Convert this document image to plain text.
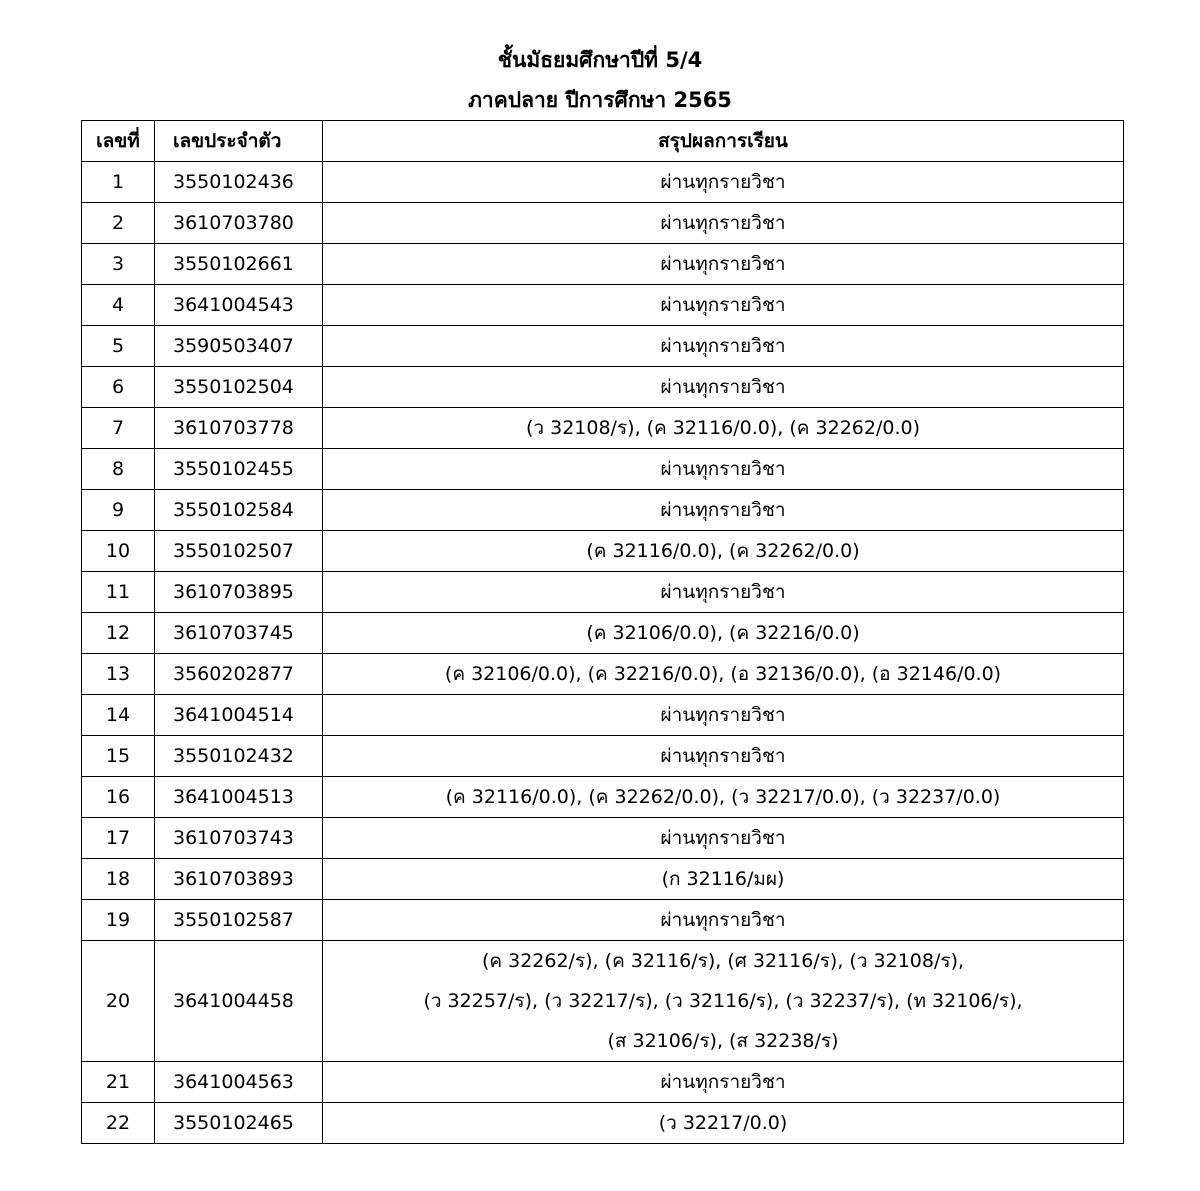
ชั้นมัธยมศึกษาปีที่ 5/4
ภาคปลาย ปีการศึกษา 2565
เลขที่	เลขประจำตัว	สรุปผลการเรียน
1	3550102436	ผ่านทุกรายวิชา

2	3610703780	ผ่านทุกรายวิชา

3	3550102661	ผ่านทุกรายวิชา

4	3641004543	ผ่านทุกรายวิชา

5	3590503407	ผ่านทุกรายวิชา

6	3550102504	ผ่านทุกรายวิชา

7	3610703778	(ว 32108/ร), (ค 32116/0.0), (ค 32262/0.0)

8	3550102455	ผ่านทุกรายวิชา

9	3550102584	ผ่านทุกรายวิชา

10	3550102507	(ค 32116/0.0), (ค 32262/0.0)

11	3610703895	ผ่านทุกรายวิชา

12	3610703745	(ค 32106/0.0), (ค 32216/0.0)

13	3560202877	(ค 32106/0.0), (ค 32216/0.0), (อ 32136/0.0), (อ 32146/0.0)

14	3641004514	ผ่านทุกรายวิชา

15	3550102432	ผ่านทุกรายวิชา

16	3641004513	(ค 32116/0.0), (ค 32262/0.0), (ว 32217/0.0), (ว 32237/0.0)

17	3610703743	ผ่านทุกรายวิชา

18	3610703893	(ก 32116/มผ)

19	3550102587	ผ่านทุกรายวิชา

20	3641004458	(ค 32262/ร), (ค 32116/ร), (ศ 32116/ร), (ว 32108/ร),
(ว 32257/ร), (ว 32217/ร), (ว 32116/ร), (ว 32237/ร), (ท 32106/ร),
(ส 32106/ร), (ส 32238/ร)

21	3641004563	ผ่านทุกรายวิชา

22	3550102465	(ว 32217/0.0)
